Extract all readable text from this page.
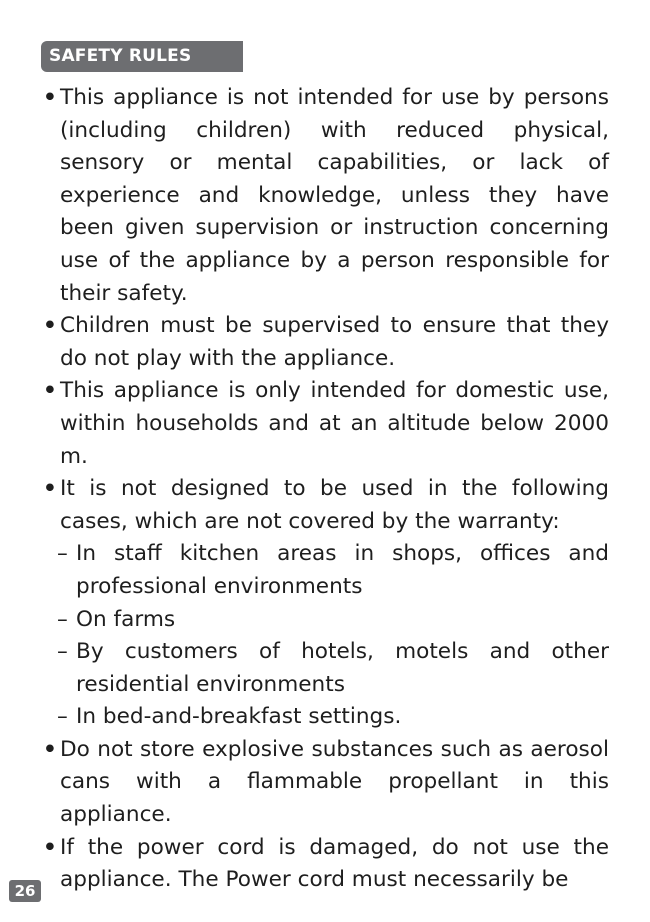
SAFETY RULES
• This appliance is not intended for use by persons (including children) with reduced physical, sensory or mental capabilities, or lack of experience and knowledge, unless they have been given supervision or instruction concerning use of the appliance by a person responsible for their safety.
• Children must be supervised to ensure that they do not play with the appliance.
• This appliance is only intended for domestic use, within households and at an altitude below 2000 m.
• It is not designed to be used in the following cases, which are not covered by the warranty:
– In staff kitchen areas in shops, offices and professional environments
– On farms
– By customers of hotels, motels and other residential environments
– In bed-and-breakfast settings.
• Do not store explosive substances such as aerosol cans with a flammable propellant in this appliance.
• If the power cord is damaged, do not use the appliance. The Power cord must necessarily be
26
